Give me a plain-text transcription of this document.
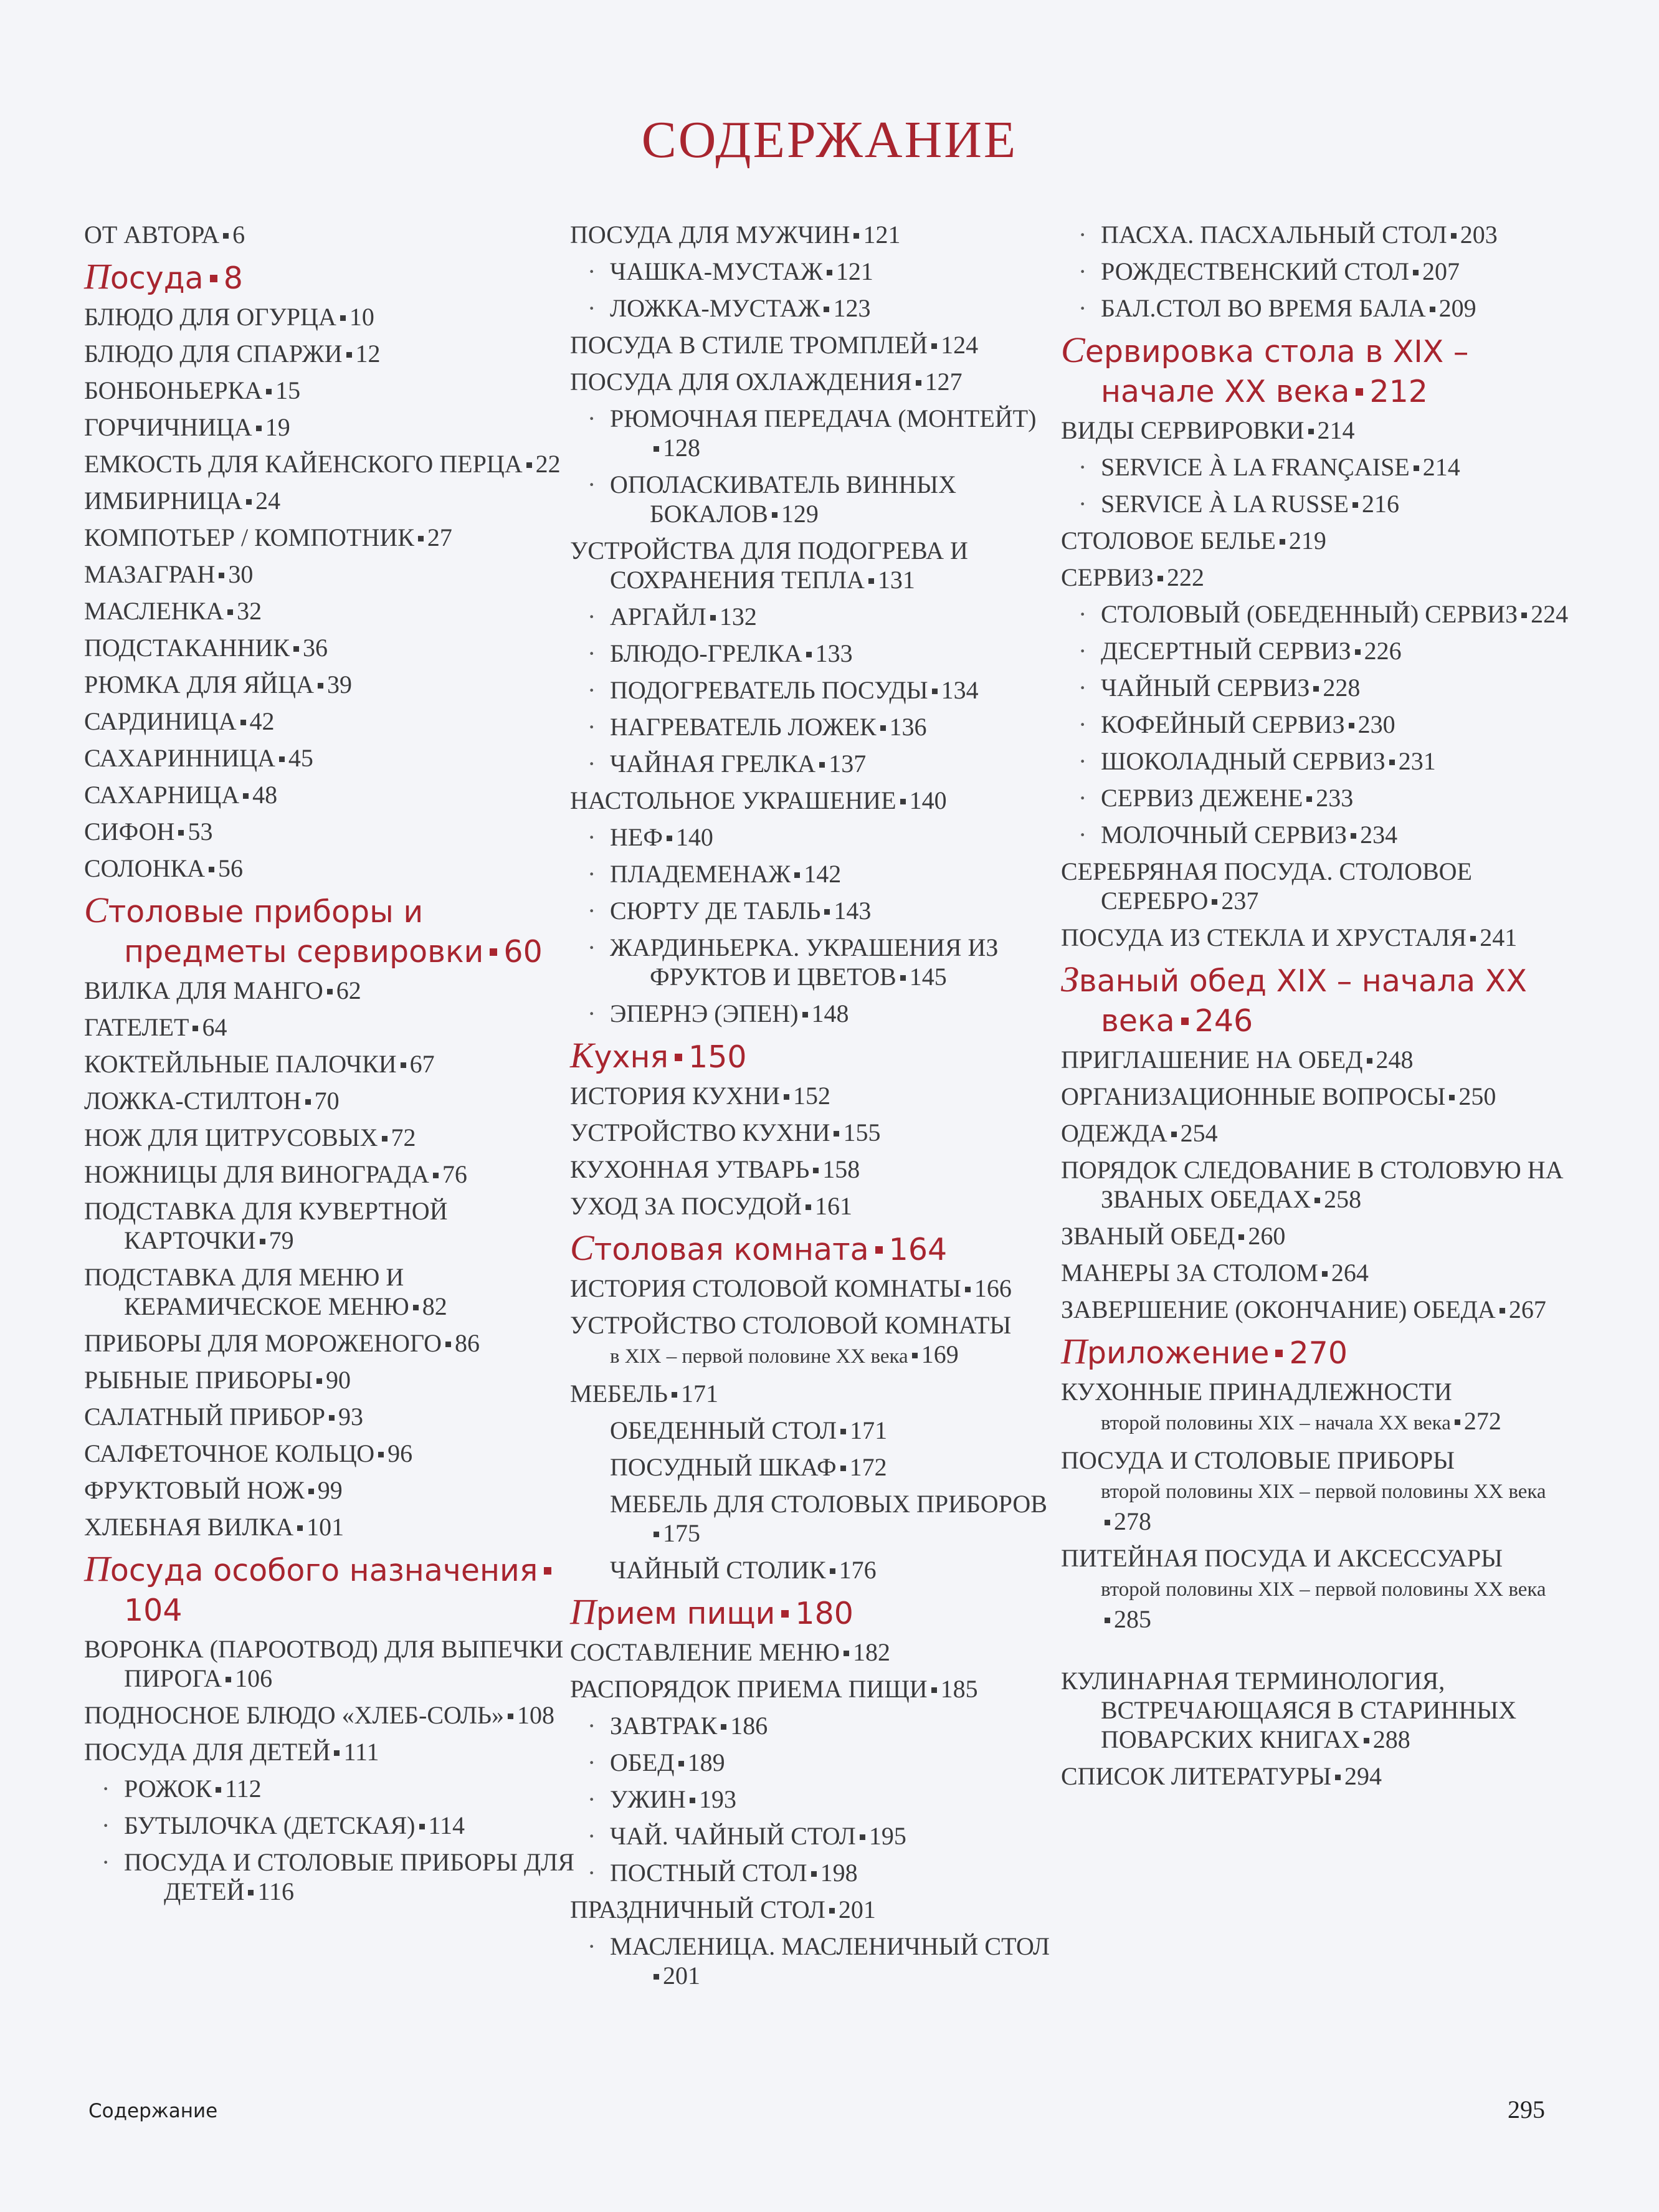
СОДЕРЖАНИЕ
ОТ АВТОРА 6
Посуда 8
БЛЮДО ДЛЯ ОГУРЦА 10
БЛЮДО ДЛЯ СПАРЖИ 12
БОНБОНЬЕРКА 15
ГОРЧИЧНИЦА 19
ЕМКОСТЬ ДЛЯ КАЙЕНСКОГО ПЕРЦА 22
ИМБИРНИЦА 24
КОМПОТЬЕР / КОМПОТНИК 27
МАЗАГРАН 30
МАСЛЕНКА 32
ПОДСТАКАННИК 36
РЮМКА ДЛЯ ЯЙЦА 39
САРДИНИЦА 42
САХАРИННИЦА 45
САХАРНИЦА 48
СИФОН 53
СОЛОНКА 56
Столовые приборы и предметы сервировки 60
ВИЛКА ДЛЯ МАНГО 62
ГАТЕЛЕТ 64
КОКТЕЙЛЬНЫЕ ПАЛОЧКИ 67
ЛОЖКА-СТИЛТОН 70
НОЖ ДЛЯ ЦИТРУСОВЫХ 72
НОЖНИЦЫ ДЛЯ ВИНОГРАДА 76
ПОДСТАВКА ДЛЯ КУВЕРТНОЙ КАРТОЧКИ 79
ПОДСТАВКА ДЛЯ МЕНЮ И КЕРАМИЧЕСКОЕ МЕНЮ 82
ПРИБОРЫ ДЛЯ МОРОЖЕНОГО 86
РЫБНЫЕ ПРИБОРЫ 90
САЛАТНЫЙ ПРИБОР 93
САЛФЕТОЧНОЕ КОЛЬЦО 96
ФРУКТОВЫЙ НОЖ 99
ХЛЕБНАЯ ВИЛКА 101
Посуда особого назначения104
ВОРОНКА (ПАРООТВОД) ДЛЯ ВЫПЕЧКИ ПИРОГА 106
ПОДНОСНОЕ БЛЮДО «ХЛЕБ-СОЛЬ» 108
ПОСУДА ДЛЯ ДЕТЕЙ 111
· РОЖОК 112
· БУТЫЛОЧКА (ДЕТСКАЯ) 114
· ПОСУДА И СТОЛОВЫЕ ПРИБОРЫ ДЛЯ ДЕТЕЙ 116
ПОСУДА ДЛЯ МУЖЧИН 121
· ЧАШКА-МУСТАЖ 121
· ЛОЖКА-МУСТАЖ 123
ПОСУДА В СТИЛЕ ТРОМПЛЕЙ 124
ПОСУДА ДЛЯ ОХЛАЖДЕНИЯ 127
· РЮМОЧНАЯ ПЕРЕДАЧА (МОНТЕЙТ)128
· ОПОЛАСКИВАТЕЛЬ ВИННЫХ БОКАЛОВ 129
УСТРОЙСТВА ДЛЯ ПОДОГРЕВА И СОХРАНЕНИЯ ТЕПЛА 131
· АРГАЙЛ 132
· БЛЮДО-ГРЕЛКА 133
· ПОДОГРЕВАТЕЛЬ ПОСУДЫ 134
· НАГРЕВАТЕЛЬ ЛОЖЕК 136
· ЧАЙНАЯ ГРЕЛКА 137
НАСТОЛЬНОЕ УКРАШЕНИЕ 140
· НЕФ 140
· ПЛАДЕМЕНАЖ 142
· СЮРТУ ДЕ ТАБЛЬ 143
· ЖАРДИНЬЕРКА. УКРАШЕНИЯ ИЗ ФРУКТОВ И ЦВЕТОВ 145
· ЭПЕРНЭ (ЭПЕН) 148
Кухня 150
ИСТОРИЯ КУХНИ 152
УСТРОЙСТВО КУХНИ 155
КУХОННАЯ УТВАРЬ 158
УХОД ЗА ПОСУДОЙ 161
Столовая комната 164
ИСТОРИЯ СТОЛОВОЙ КОМНАТЫ 166
УСТРОЙСТВО СТОЛОВОЙ КОМНАТЫ
в XIX – первой половине XX века 169
МЕБЕЛЬ 171
ОБЕДЕННЫЙ СТОЛ 171
ПОСУДНЫЙ ШКАФ 172
МЕБЕЛЬ ДЛЯ СТОЛОВЫХ ПРИБОРОВ175
ЧАЙНЫЙ СТОЛИК 176
Прием пищи 180
СОСТАВЛЕНИЕ МЕНЮ 182
РАСПОРЯДОК ПРИЕМА ПИЩИ 185
· ЗАВТРАК 186
· ОБЕД 189
· УЖИН 193
· ЧАЙ. ЧАЙНЫЙ СТОЛ 195
· ПОСТНЫЙ СТОЛ 198
ПРАЗДНИЧНЫЙ СТОЛ 201
· МАСЛЕНИЦА. МАСЛЕНИЧНЫЙ СТОЛ201
· ПАСХА. ПАСХАЛЬНЫЙ СТОЛ 203
· РОЖДЕСТВЕНСКИЙ СТОЛ 207
· БАЛ.СТОЛ ВО ВРЕМЯ БАЛА 209
Сервировка стола в XIX – начале XX века 212
ВИДЫ СЕРВИРОВКИ 214
· SERVICE À LA FRANÇAISE 214
· SERVICE À LA RUSSE 216
СТОЛОВОЕ БЕЛЬЕ 219
СЕРВИЗ 222
· СТОЛОВЫЙ (ОБЕДЕННЫЙ) СЕРВИЗ 224
· ДЕСЕРТНЫЙ СЕРВИЗ 226
· ЧАЙНЫЙ СЕРВИЗ 228
· КОФЕЙНЫЙ СЕРВИЗ 230
· ШОКОЛАДНЫЙ СЕРВИЗ 231
· СЕРВИЗ ДЕЖЕНЕ 233
· МОЛОЧНЫЙ СЕРВИЗ 234
СЕРЕБРЯНАЯ ПОСУДА. СТОЛОВОЕ СЕРЕБРО 237
ПОСУДА ИЗ СТЕКЛА И ХРУСТАЛЯ 241
Званый обед XIX – начала XX века 246
ПРИГЛАШЕНИЕ НА ОБЕД 248
ОРГАНИЗАЦИОННЫЕ ВОПРОСЫ 250
ОДЕЖДА 254
ПОРЯДОК СЛЕДОВАНИЕ В СТОЛОВУЮ НА ЗВАНЫХ ОБЕДАХ 258
ЗВАНЫЙ ОБЕД 260
МАНЕРЫ ЗА СТОЛОМ 264
ЗАВЕРШЕНИЕ (ОКОНЧАНИЕ) ОБЕДА 267
Приложение 270
КУХОННЫЕ ПРИНАДЛЕЖНОСТИ
второй половины XIX – начала XX века 272
ПОСУДА И СТОЛОВЫЕ ПРИБОРЫ
второй половины XIX – первой половины XX века278
ПИТЕЙНАЯ ПОСУДА И АКСЕССУАРЫ
второй половины XIX – первой половины XX века285
КУЛИНАРНАЯ ТЕРМИНОЛОГИЯ, ВСТРЕЧАЮЩАЯСЯ В СТАРИННЫХ ПОВАРСКИХ КНИГАХ 288
СПИСОК ЛИТЕРАТУРЫ 294
Содержание	295
